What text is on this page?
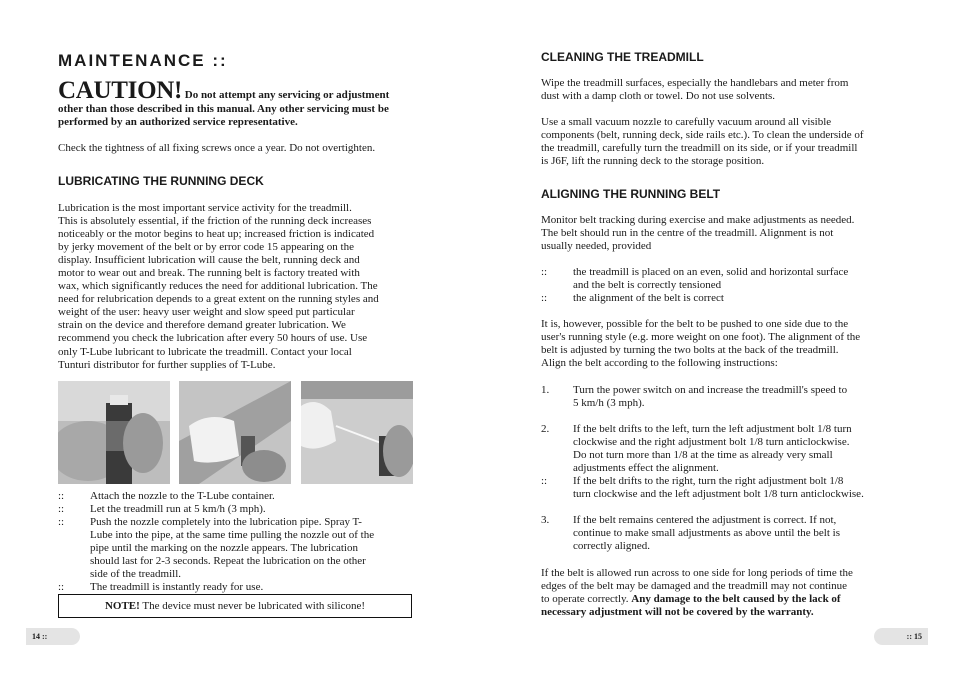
MAINTENANCE ::
CAUTION! Do not attempt any servicing or adjustment other than those described in this manual. Any other servicing must be performed by an authorized service representative.

Check the tightness of all fixing screws once a year. Do not overtighten.

LUBRICATING THE RUNNING DECK
Lubrication is the most important service activity for the treadmill.
This is absolutely essential, if the friction of the running deck increases
noticeably or the motor begins to heat up; increased friction is indicated
by jerky movement of the belt or by error code 15 appearing on the
display. Insufficient lubrication will cause the belt, running deck and
motor to wear out and break. The running belt is factory treated with
wax, which significantly reduces the need for additional lubrication. The
need for relubrication depends to a great extent on the running styles and
weight of the user: heavy user weight and slow speed put particular
strain on the device and therefore demand greater lubrication. We
recommend you check the lubrication after every 50 hours of use. Use
only T-Lube lubricant to lubricate the treadmill. Contact your local
Tunturi distributor for further supplies of T-Lube.
:: Attach the nozzle to the T-Lube container.
:: Let the treadmill run at 5 km/h (3 mph).
:: Push the nozzle completely into the lubrication pipe. Spray T-
Lube into the pipe, at the same time pulling the nozzle out of the
pipe until the marking on the nozzle appears. The lubrication
should last for 2-3 seconds. Repeat the lubrication on the other
side of the treadmill.
:: The treadmill is instantly ready for use.
NOTE! The device must never be lubricated with silicone!
14 ::
CLEANING THE TREADMILL
Wipe the treadmill surfaces, especially the handlebars and meter from
dust with a damp cloth or towel. Do not use solvents.
Use a small vacuum nozzle to carefully vacuum around all visible
components (belt, running deck, side rails etc.). To clean the underside of
the treadmill, carefully turn the treadmill on its side, or if your treadmill
is J6F, lift the running deck to the storage position.
ALIGNING THE RUNNING BELT
Monitor belt tracking during exercise and make adjustments as needed.
The belt should run in the centre of the treadmill. Alignment is not
usually needed, provided
:: the treadmill is placed on an even, solid and horizontal surface
and the belt is correctly tensioned
:: the alignment of the belt is correct
It is, however, possible for the belt to be pushed to one side due to the
user's running style (e.g. more weight on one foot). The alignment of the
belt is adjusted by turning the two bolts at the back of the treadmill.
Align the belt according to the following instructions:
1. Turn the power switch on and increase the treadmill's speed to
5 km/h (3 mph).
2. If the belt drifts to the left, turn the left adjustment bolt 1/8 turn
clockwise and the right adjustment bolt 1/8 turn anticlockwise.
Do not turn more than 1/8 at the time as already very small
adjustments effect the alignment.
:: If the belt drifts to the right, turn the right adjustment bolt 1/8
turn clockwise and the left adjustment bolt 1/8 turn anticlockwise.
3. If the belt remains centered the adjustment is correct. If not,
continue to make small adjustments as above until the belt is
correctly aligned.
If the belt is allowed run across to one side for long periods of time the
edges of the belt may be damaged and the treadmill may not continue
to operate correctly. Any damage to the belt caused by the lack of
necessary adjustment will not be covered by the warranty.
:: 15
